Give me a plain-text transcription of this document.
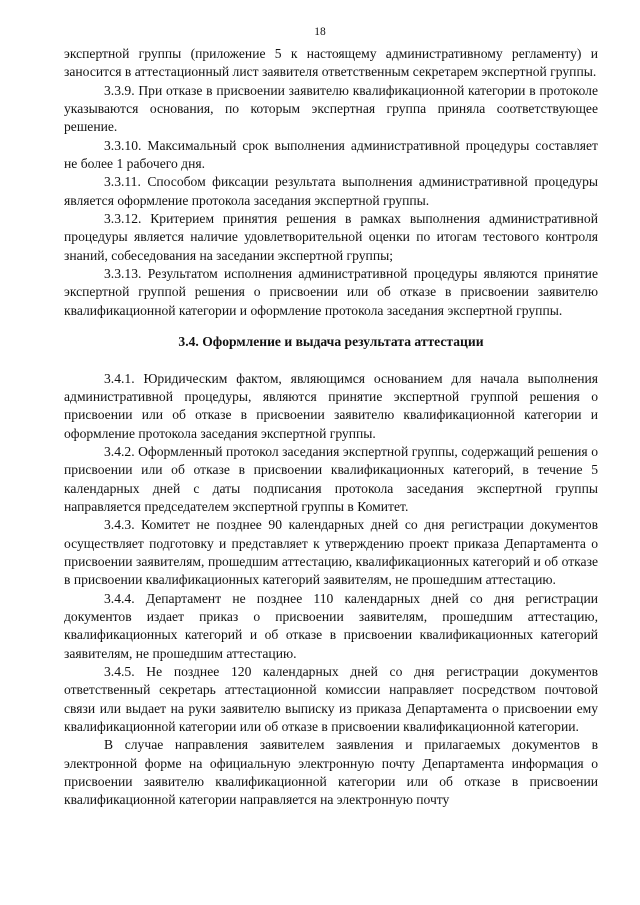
18

экспертной группы (приложение 5 к настоящему административному регламенту) и заносится в аттестационный лист заявителя ответственным секретарем экспертной группы.

3.3.9. При отказе в присвоении заявителю квалификационной категории в протоколе указываются основания, по которым экспертная группа приняла соответствующее решение.

3.3.10. Максимальный срок выполнения административной процедуры составляет не более 1 рабочего дня.

3.3.11. Способом фиксации результата выполнения административной процедуры является оформление протокола заседания экспертной группы.

3.3.12. Критерием принятия решения в рамках выполнения административной процедуры является наличие удовлетворительной оценки по итогам тестового контроля знаний, собеседования на заседании экспертной группы;

3.3.13. Результатом исполнения административной процедуры являются принятие экспертной группой решения о присвоении или об отказе в присвоении заявителю квалификационной категории и оформление протокола заседания экспертной группы.

3.4. Оформление и выдача результата аттестации

3.4.1. Юридическим фактом, являющимся основанием для начала выполнения административной процедуры, являются принятие экспертной группой решения о присвоении или об отказе в присвоении заявителю квалификационной категории и оформление протокола заседания экспертной группы.

3.4.2. Оформленный протокол заседания экспертной группы, содержащий решения о присвоении или об отказе в присвоении квалификационных категорий, в течение 5 календарных дней с даты подписания протокола заседания экспертной группы направляется председателем экспертной группы в Комитет.

3.4.3. Комитет не позднее 90 календарных дней со дня регистрации документов осуществляет подготовку и представляет к утверждению проект приказа Департамента о присвоении заявителям, прошедшим аттестацию, квалификационных категорий и об отказе в присвоении квалификационных категорий заявителям, не прошедшим аттестацию.

3.4.4. Департамент не позднее 110 календарных дней со дня регистрации документов издает приказ о присвоении заявителям, прошедшим аттестацию, квалификационных категорий и об отказе в присвоении квалификационных категорий заявителям, не прошедшим аттестацию.

3.4.5. Не позднее 120 календарных дней со дня регистрации документов ответственный секретарь аттестационной комиссии направляет посредством почтовой связи или выдает на руки заявителю выписку из приказа Департамента о присвоении ему квалификационной категории или об отказе в присвоении квалификационной категории.

В случае направления заявителем заявления и прилагаемых документов в электронной форме на официальную электронную почту Департамента информация о присвоении заявителю квалификационной категории или об отказе в присвоении квалификационной категории направляется на электронную почту
